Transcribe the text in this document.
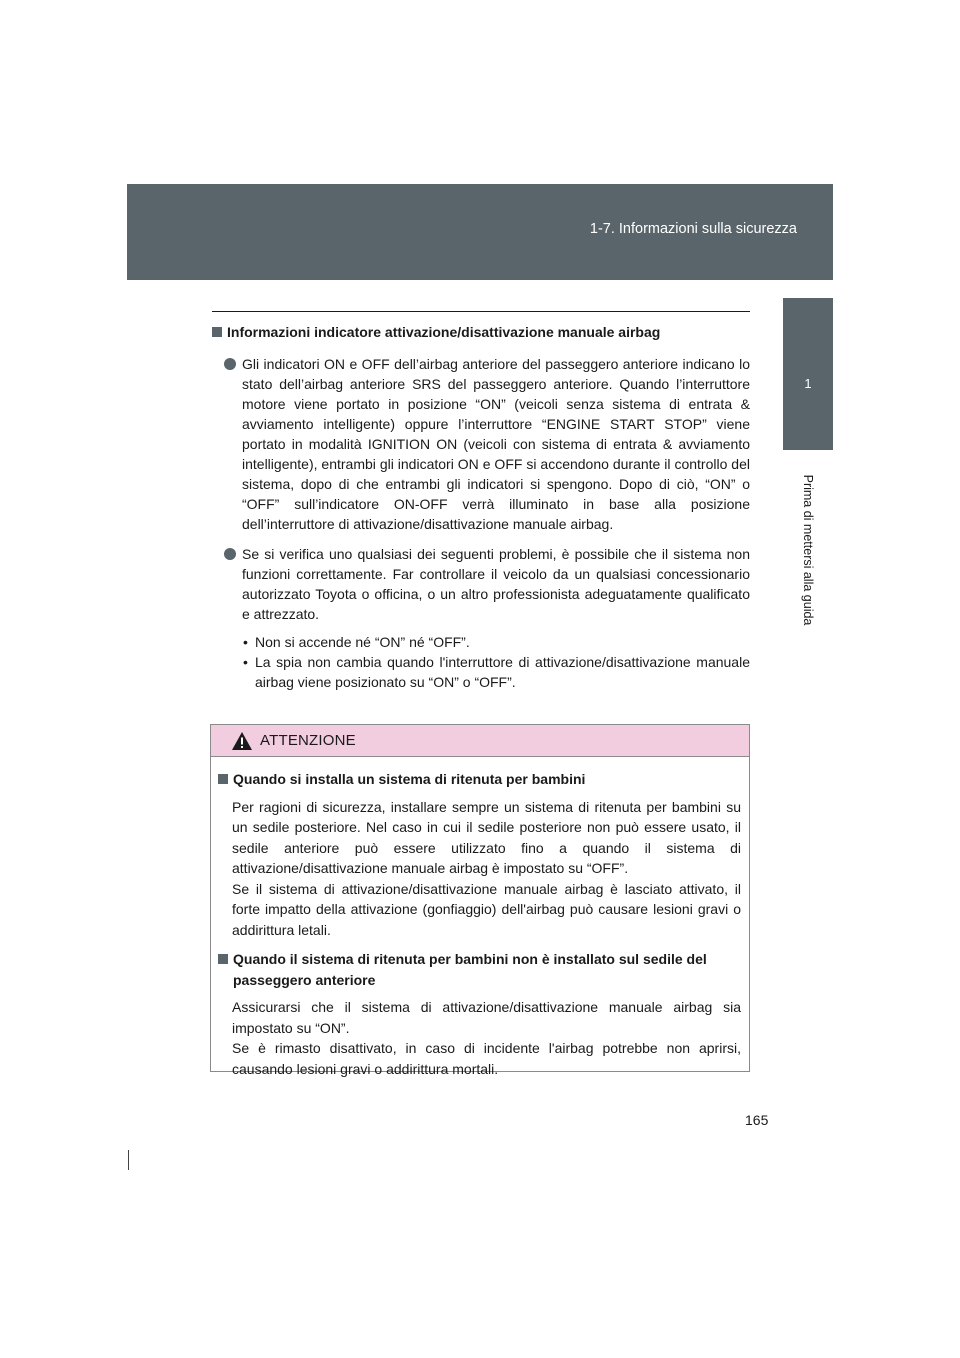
1-7. Informazioni sulla sicurezza
1
Prima di mettersi alla guida
Informazioni indicatore attivazione/disattivazione manuale airbag
Gli indicatori ON e OFF dell’airbag anteriore del passeggero anteriore indicano lo stato dell’airbag anteriore SRS del passeggero anteriore. Quando l’interruttore motore viene portato in posizione “ON” (veicoli senza sistema di entrata & avviamento intelligente) oppure l’interruttore “ENGINE START STOP” viene portato in modalità IGNITION ON (veicoli con sistema di entrata & avviamento intelligente), entrambi gli indicatori ON e OFF si accendono durante il controllo del sistema, dopo di che entrambi gli indicatori si spengono. Dopo di ciò, “ON” o “OFF” sull’indicatore ON-OFF verrà illuminato in base alla posizione dell’interruttore di attivazione/disattivazione manuale airbag.
Se si verifica uno qualsiasi dei seguenti problemi, è possibile che il sistema non funzioni correttamente. Far controllare il veicolo da un qualsiasi concessionario autorizzato Toyota o officina, o un altro professionista adeguatamente qualificato e attrezzato.
• Non si accende né “ON” né “OFF”.
• La spia non cambia quando l'interruttore di attivazione/disattivazione manuale airbag viene posizionato su “ON” o “OFF”.
ATTENZIONE
Quando si installa un sistema di ritenuta per bambini
Per ragioni di sicurezza, installare sempre un sistema di ritenuta per bambini su un sedile posteriore. Nel caso in cui il sedile posteriore non può essere usato, il sedile anteriore può essere utilizzato fino a quando il sistema di attivazione/disattivazione manuale airbag è impostato su “OFF”.
Se il sistema di attivazione/disattivazione manuale airbag è lasciato attivato, il forte impatto della attivazione (gonfiaggio) dell'airbag può causare lesioni gravi o addirittura letali.
Quando il sistema di ritenuta per bambini non è installato sul sedile del passeggero anteriore
Assicurarsi che il sistema di attivazione/disattivazione manuale airbag sia impostato su “ON”.
Se è rimasto disattivato, in caso di incidente l'airbag potrebbe non aprirsi, causando lesioni gravi o addirittura mortali.
165
